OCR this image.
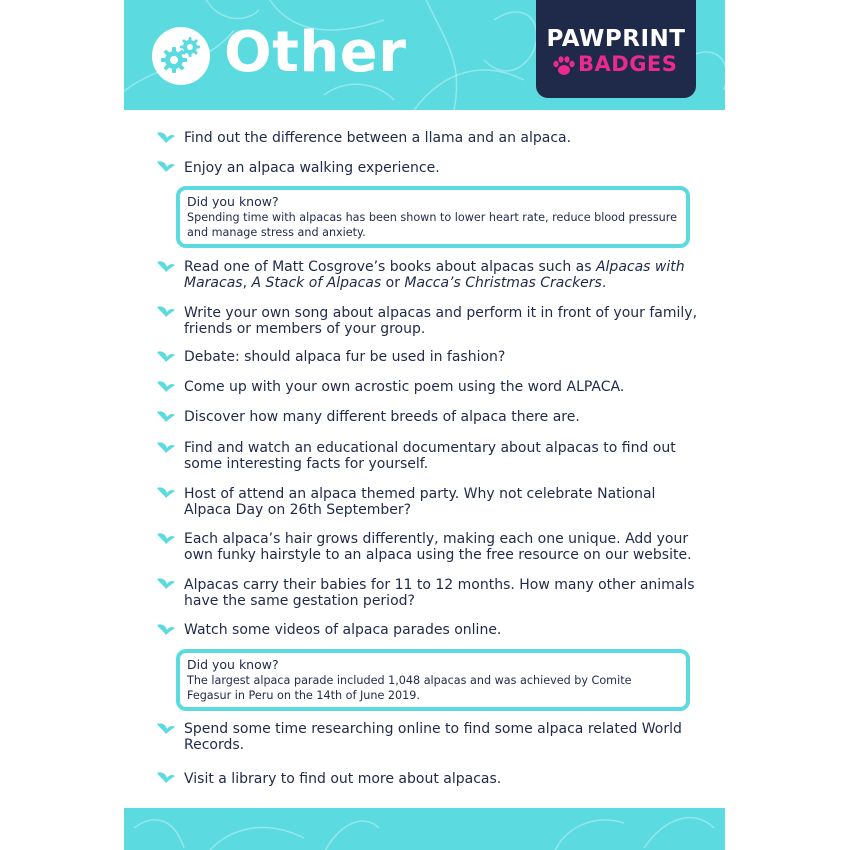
Other	PAWPRINT
BADGES
Find out the difference between a llama and an alpaca.
Enjoy an alpaca walking experience.
Did you know?
Spending time with alpacas has been shown to lower heart rate, reduce blood pressure and manage stress and anxiety.
Read one of Matt Cosgrove’s books about alpacas such as Alpacas with Maracas, A Stack of Alpacas or Macca’s Christmas Crackers.
Write your own song about alpacas and perform it in front of your family, friends or members of your group.
Debate: should alpaca fur be used in fashion?
Come up with your own acrostic poem using the word ALPACA.
Discover how many different breeds of alpaca there are.
Find and watch an educational documentary about alpacas to find out some interesting facts for yourself.
Host of attend an alpaca themed party. Why not celebrate National Alpaca Day on 26th September?
Each alpaca’s hair grows differently, making each one unique. Add your own funky hairstyle to an alpaca using the free resource on our website.
Alpacas carry their babies for 11 to 12 months. How many other animals have the same gestation period?
Watch some videos of alpaca parades online.
Did you know?
The largest alpaca parade included 1,048 alpacas and was achieved by Comite Fegasur in Peru on the 14th of June 2019.
Spend some time researching online to find some alpaca related World Records.
Visit a library to find out more about alpacas.
